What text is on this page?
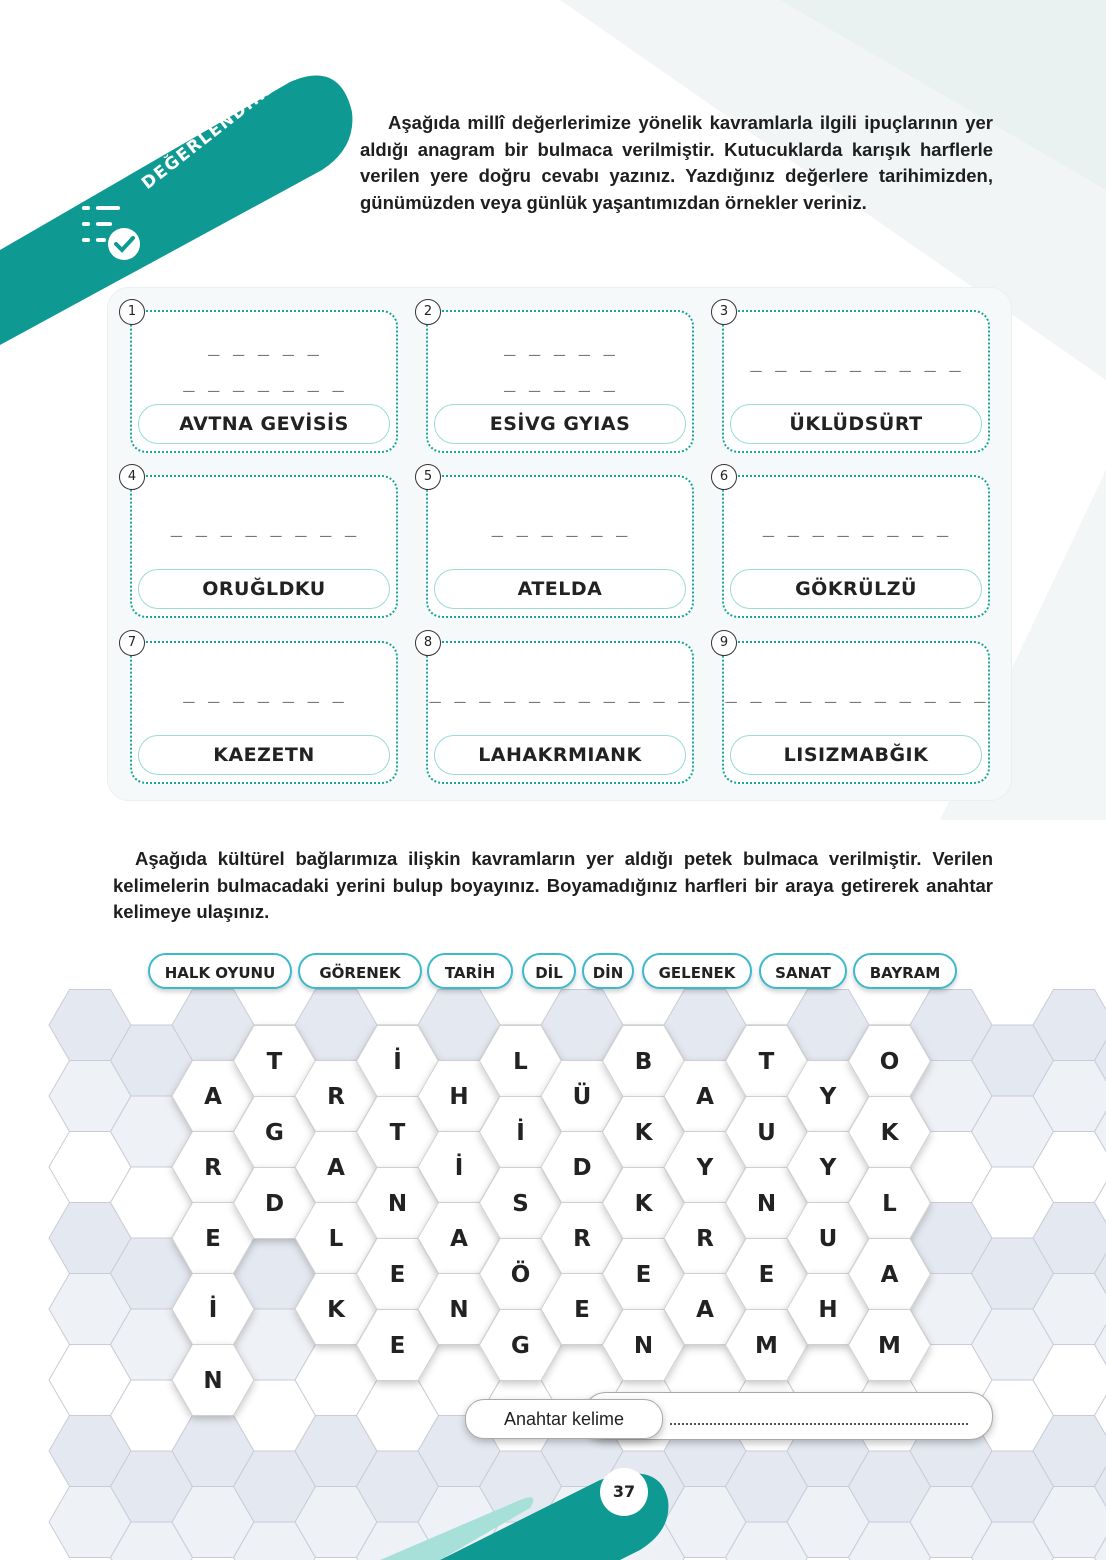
DEĞERLENDİRELİM	Aşağıda millî değerlerimize yönelik kavramlarla ilgili ipuçlarının yer aldığı anagram bir bulmaca verilmiştir. Kutucuklarda karışık harflerle verilen yere doğru cevabı yazınız. Yazdığınız değerlere tarihimizden, günümüzden veya günlük yaşantımızdan örnekler veriniz.
1
_ _ _ _ _
_ _ _ _ _ _ _
AVTNA GEVİSİS
2
_ _ _ _ _
_ _ _ _ _
ESİVG GYIAS
3
_ _ _ _ _ _ _ _ _
ÜKLÜDSÜRT
4
_ _ _ _ _ _ _ _
ORUĞLDKU
5
_ _ _ _ _ _
ATELDA
6
_ _ _ _ _ _ _ _
GÖKRÜLZÜ
7
_ _ _ _ _ _ _
KAEZETN
8
_ _ _ _ _ _ _ _ _ _ _
LAHAKRMIANK
9
_ _ _ _ _ _ _ _ _ _ _
LISIZMABĞIK
Aşağıda kültürel bağlarımıza ilişkin kavramların yer aldığı petek bulmaca verilmiştir. Verilen kelimelerin bulmacadaki yerini bulup boyayınız. Boyamadığınız harfleri bir araya getirerek anahtar kelimeye ulaşınız.
HALK OYUNU	GÖRENEK	TARİH	DİL	DİN	GELENEK	SANAT	BAYRAM
A
R
E
İ
N
T
G
D
R
A
L
K
İ
T
N
E
E
H
İ
A
N
L
İ
S
Ö
G
Ü
D
R
E
B
K
K
E
N
A
Y
R
A
T
U
N
E
M
Y
Y
U
H
O
K
L
A
M
Anahtar kelime
37
